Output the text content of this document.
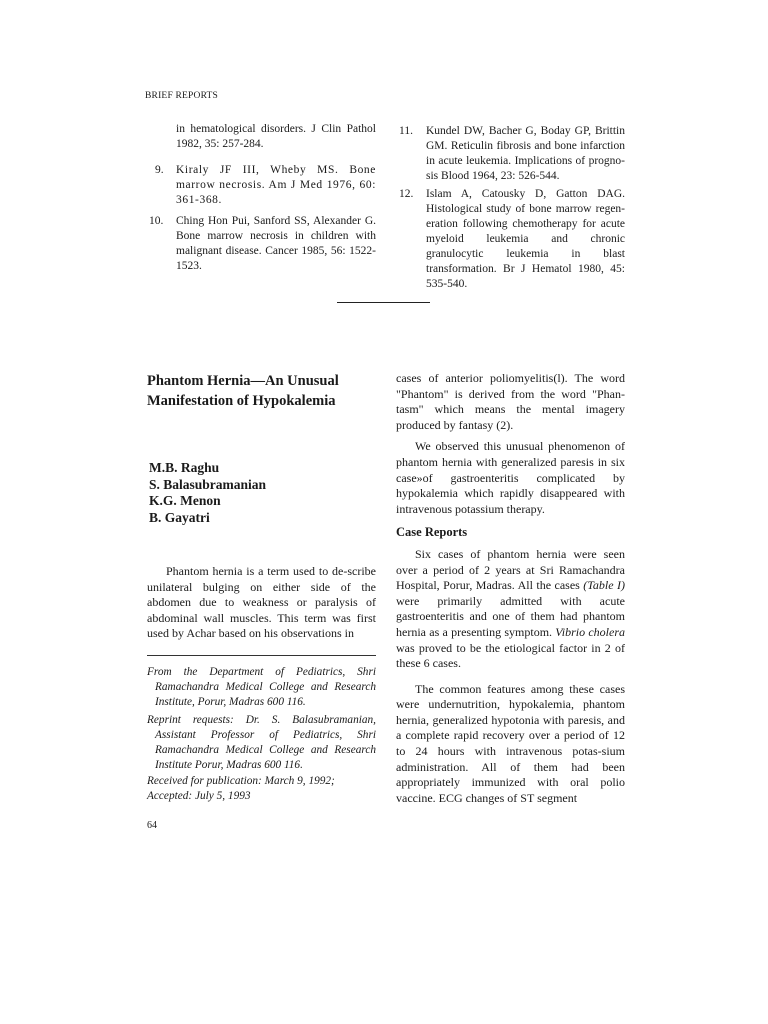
BRIEF REPORTS
in hematological disorders. J Clin Pathol 1982, 35: 257-284.
9.	Kiraly JF III, Wheby MS. Bone marrow necrosis. Am J Med 1976, 60: 361-368.
10.	Ching Hon Pui, Sanford SS, Alexander G. Bone marrow necrosis in children with malignant disease. Cancer 1985, 56: 1522-1523.
11.	Kundel DW, Bacher G, Boday GP, Brittin GM. Reticulin fibrosis and bone infarction in acute leukemia. Implications of progno-sis Blood 1964, 23: 526-544.
12.	Islam A, Catousky D, Gatton DAG. Histological study of bone marrow regen-eration following chemotherapy for acute myeloid leukemia and chronic granulocytic leukemia in blast transformation. Br J Hematol 1980, 45: 535-540.
Phantom Hernia—An Unusual Manifestation of Hypokalemia
M.B. Raghu
S. Balasubramanian
K.G. Menon
B. Gayatri

Phantom hernia is a term used to de-scribe unilateral bulging on either side of the abdomen due to weakness or paralysis of abdominal wall muscles. This term was first used by Achar based on his observations in

From the Department of Pediatrics, Shri Ramachandra Medical College and Research Institute, Porur, Madras 600 116.

Reprint requests: Dr. S. Balasubramanian, Assistant Professor of Pediatrics, Shri Ramachandra Medical College and Research Institute Porur, Madras 600 116.

Received for publication: March 9, 1992;

Accepted: July 5, 1993

cases of anterior poliomyelitis(l). The word "Phantom" is derived from the word "Phan-tasm" which means the mental imagery produced by fantasy (2).

We observed this unusual phenomenon of phantom hernia with generalized paresis in six case»of gastroenteritis complicated by hypokalemia which rapidly disappeared with intravenous potassium therapy.

Case Reports

Six cases of phantom hernia were seen over a period of 2 years at Sri Ramachandra Hospital, Porur, Madras. All the cases (Table I) were primarily admitted with acute gastroenteritis and one of them had phantom hernia as a presenting symptom. Vibrio cholera was proved to be the etiological factor in 2 of these 6 cases.

The common features among these cases were undernutrition, hypokalemia, phantom hernia, generalized hypotonia with paresis, and a complete rapid recovery over a period of 12 to 24 hours with intravenous potas-sium administration. All of them had been appropriately immunized with oral polio vaccine. ECG changes of ST segment

64
